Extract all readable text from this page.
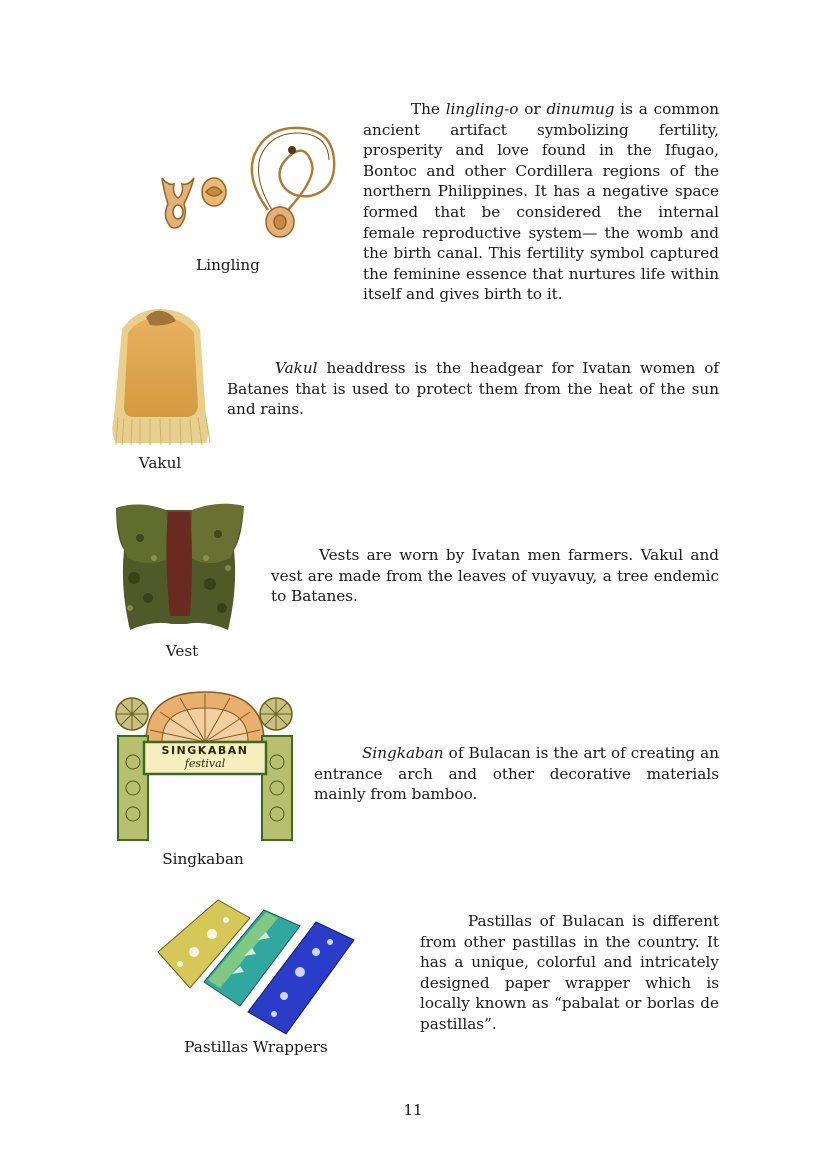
Lingling

The lingling-o or dinumug is a common ancient artifact symbolizing fertility, prosperity and love found in the Ifugao, Bontoc and other Cordillera regions of the northern Philippines. It has a negative space formed that be considered the internal female reproductive system— the womb and the birth canal. This fertility symbol captured the feminine essence that nurtures life within itself and gives birth to it.

Vakul

Vakul headdress is the headgear for Ivatan women of Batanes that is used to protect them from the heat of the sun and rains.

Vest

Vests are worn by Ivatan men farmers. Vakul and vest are made from the leaves of vuyavuy, a tree endemic to Batanes.

SINGKABAN
festival
Singkaban

Singkaban of Bulacan is the art of creating an entrance arch and other decorative materials mainly from bamboo.

Pastillas Wrappers

Pastillas of Bulacan is different from other pastillas in the country. It has a unique, colorful and intricately designed paper wrapper which is locally known as “pabalat or borlas de pastillas”.

11
